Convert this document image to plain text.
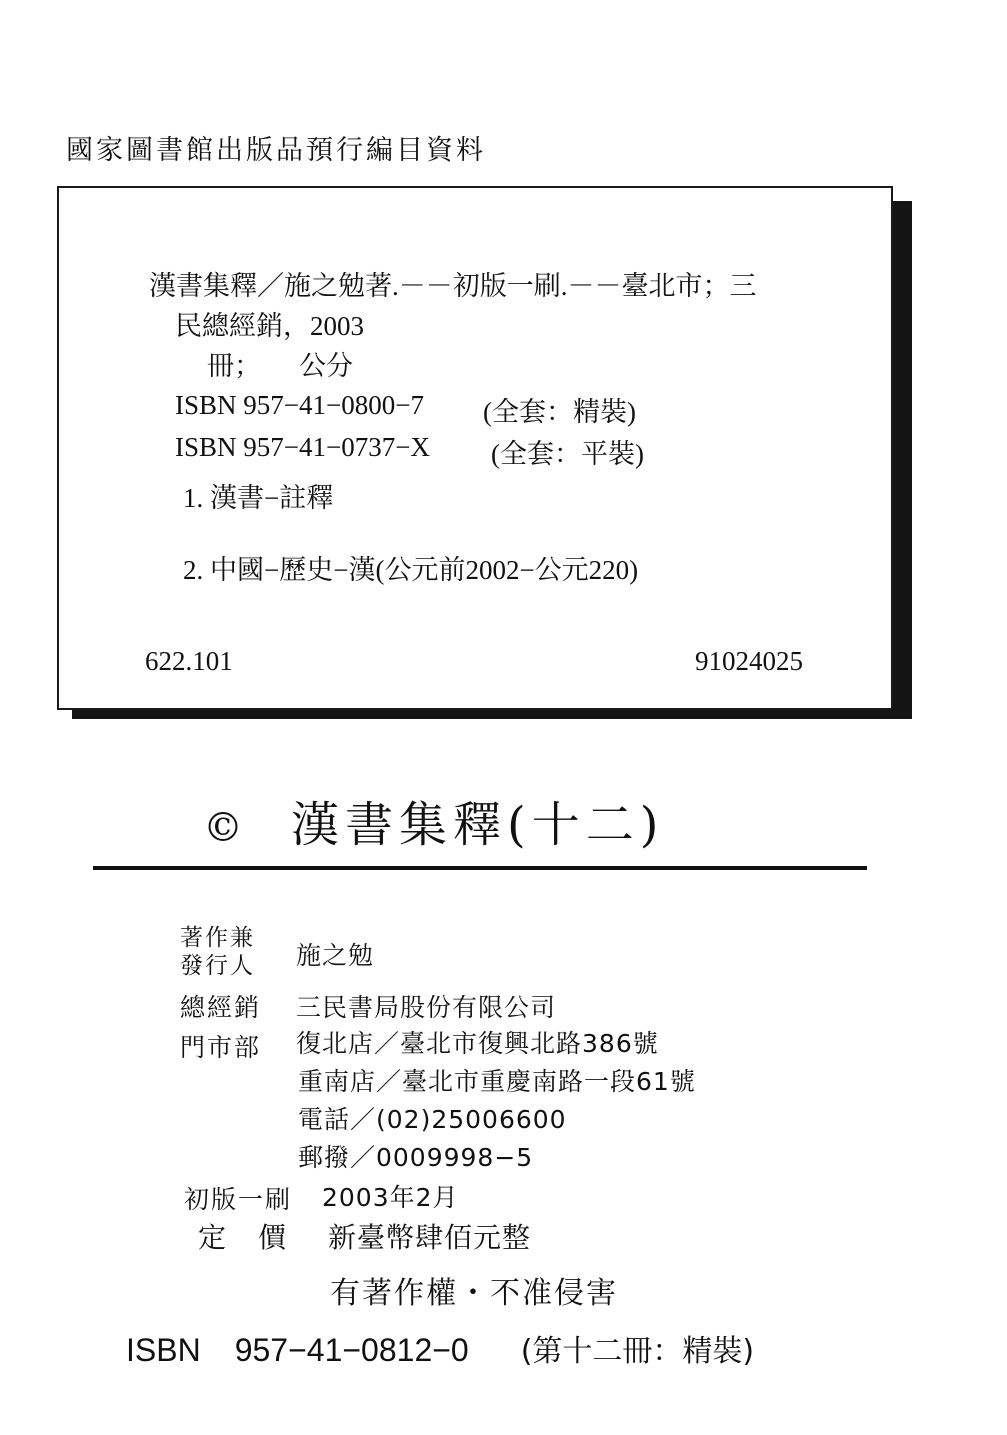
國家圖書館出版品預行編目資料
漢書集釋／施之勉著.－－初版一刷.－－臺北市；三
民總經銷，2003
冊； 公分
ISBN 957−41−0800−7 (全套：精裝)
ISBN 957−41−0737−X (全套：平裝)
1. 漢書−註釋
2. 中國−歷史−漢(公元前2002−公元220)
622.101	91024025
© 漢書集釋(十二)
著作兼
發行人 施之勉
總經銷 三民書局股份有限公司
門市部 復北店／臺北市復興北路386號
重南店／臺北市重慶南路一段61號
電話／(02)25006600
郵撥／0009998−5
初版一刷 2003年2月
定　價 新臺幣肆佰元整
有著作權・不准侵害
ISBN 957−41−0812−0 (第十二冊：精裝)
